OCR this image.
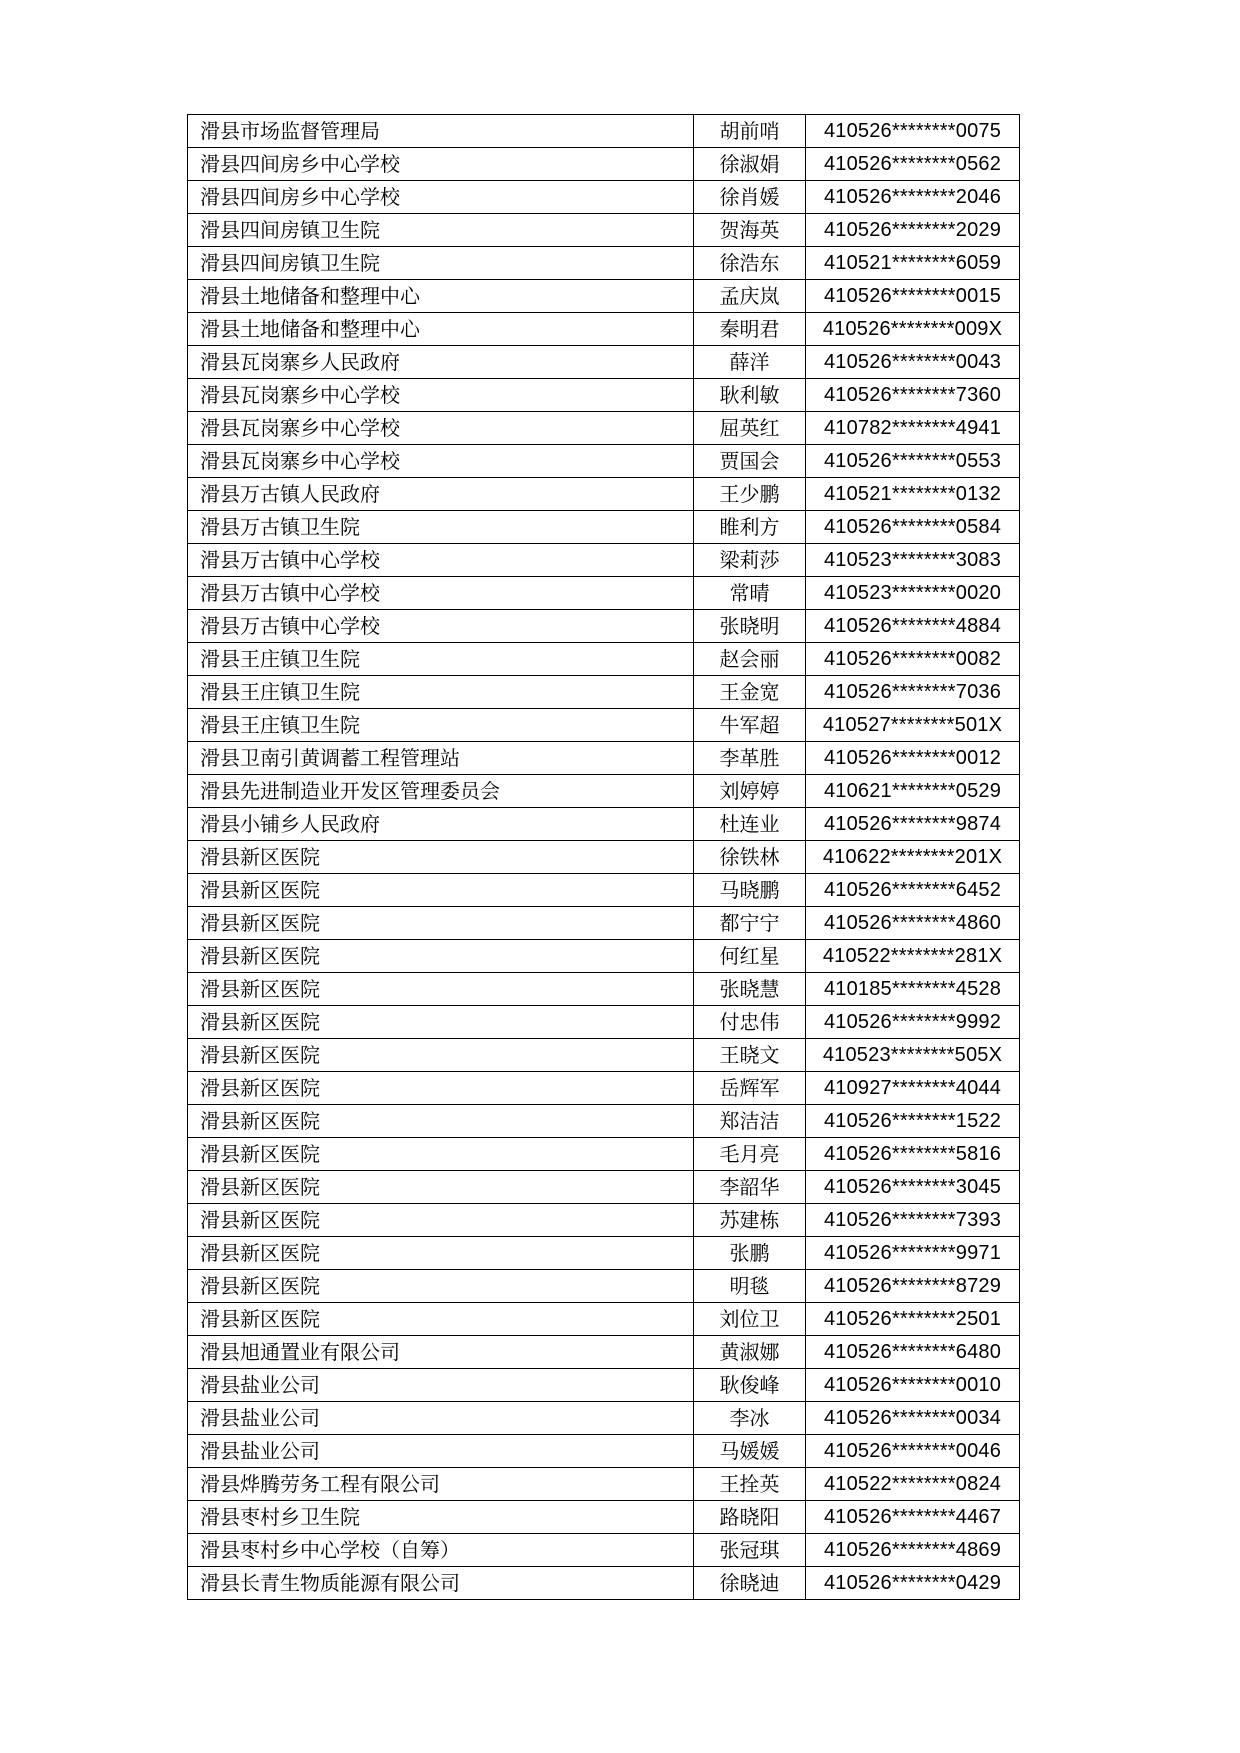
滑县市场监督管理局	胡前哨	410526********0075
滑县四间房乡中心学校	徐淑娟	410526********0562
滑县四间房乡中心学校	徐肖媛	410526********2046
滑县四间房镇卫生院	贺海英	410526********2029
滑县四间房镇卫生院	徐浩东	410521********6059
滑县土地储备和整理中心	孟庆岚	410526********0015
滑县土地储备和整理中心	秦明君	410526********009X
滑县瓦岗寨乡人民政府	薛洋	410526********0043
滑县瓦岗寨乡中心学校	耿利敏	410526********7360
滑县瓦岗寨乡中心学校	屈英红	410782********4941
滑县瓦岗寨乡中心学校	贾国会	410526********0553
滑县万古镇人民政府	王少鹏	410521********0132
滑县万古镇卫生院	睢利方	410526********0584
滑县万古镇中心学校	梁莉莎	410523********3083
滑县万古镇中心学校	常晴	410523********0020
滑县万古镇中心学校	张晓明	410526********4884
滑县王庄镇卫生院	赵会丽	410526********0082
滑县王庄镇卫生院	王金宽	410526********7036
滑县王庄镇卫生院	牛军超	410527********501X
滑县卫南引黄调蓄工程管理站	李革胜	410526********0012
滑县先进制造业开发区管理委员会	刘婷婷	410621********0529
滑县小铺乡人民政府	杜连业	410526********9874
滑县新区医院	徐铁林	410622********201X
滑县新区医院	马晓鹏	410526********6452
滑县新区医院	都宁宁	410526********4860
滑县新区医院	何红星	410522********281X
滑县新区医院	张晓慧	410185********4528
滑县新区医院	付忠伟	410526********9992
滑县新区医院	王晓文	410523********505X
滑县新区医院	岳辉军	410927********4044
滑县新区医院	郑洁洁	410526********1522
滑县新区医院	毛月亮	410526********5816
滑县新区医院	李韶华	410526********3045
滑县新区医院	苏建栋	410526********7393
滑县新区医院	张鹏	410526********9971
滑县新区医院	明毯	410526********8729
滑县新区医院	刘位卫	410526********2501
滑县旭通置业有限公司	黄淑娜	410526********6480
滑县盐业公司	耿俊峰	410526********0010
滑县盐业公司	李冰	410526********0034
滑县盐业公司	马媛媛	410526********0046
滑县烨腾劳务工程有限公司	王拴英	410522********0824
滑县枣村乡卫生院	路晓阳	410526********4467
滑县枣村乡中心学校（自筹）	张冠琪	410526********4869
滑县长青生物质能源有限公司	徐晓迪	410526********0429
